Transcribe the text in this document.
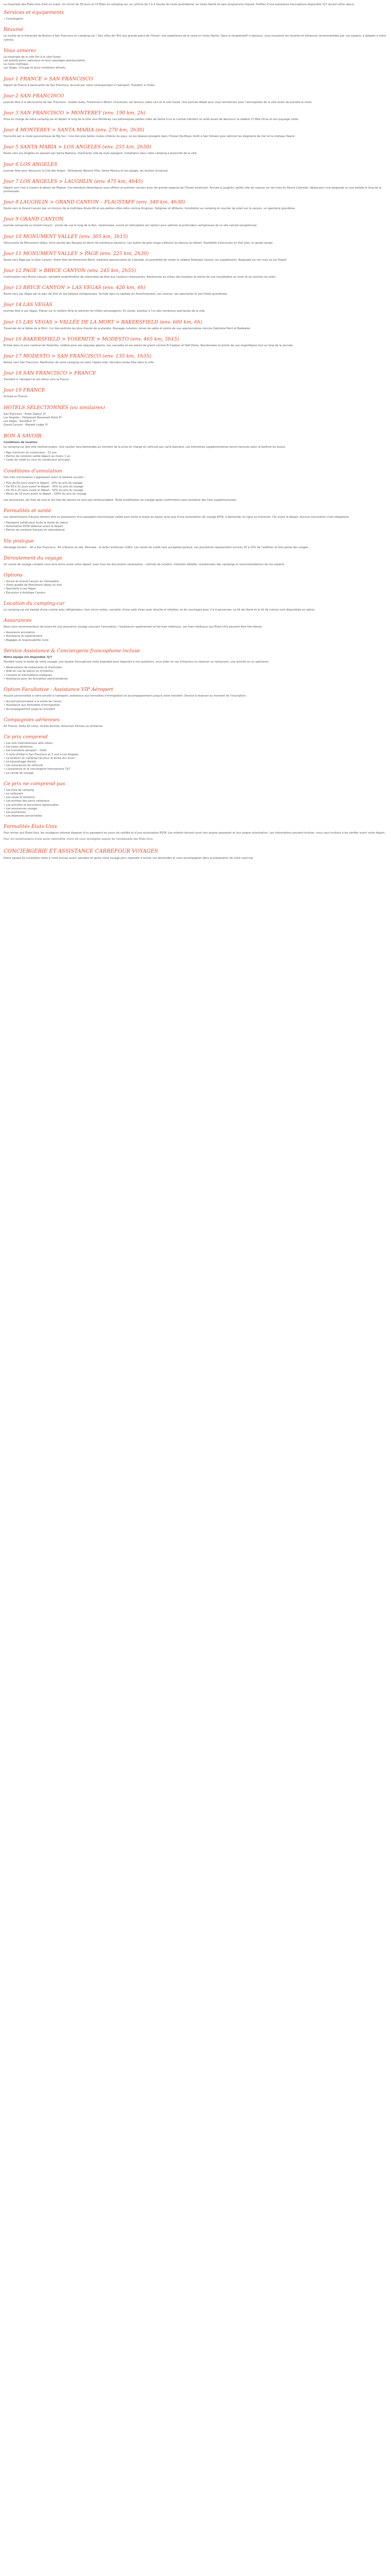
La traversée des États-Unis d'est en ouest. Un circuit de 30 jours et 10 États en camping-car, au rythme de 1 à 4 heures de route quotidienne, en toute liberté et sans programme imposé. Profitez d'une assistance francophone disponible 7j/7 durant votre séjour.

Services et équipements
• Conciergerie
Résumé

Le mythe de la traversée de Boston à San Francisco en camping-car ! Des villes de l'Est aux grands parcs de l'Ouest, une expérience de la route en toute liberté. Dans le récapitulatif ci-dessous, vous trouverez les horaires et distances recommandées par nos experts, à adapter à votre rythme.

Vous aimerez
La traversée de la côte Est à la côte Ouest
Les grands parcs nationaux et leurs paysages spectaculaires
La route mythique
Las Vegas, Chicago et leurs nombreux attraits
Jour 1 FRANCE > SAN FRANCISCO

Départ de France à destination de San Francisco. Accueil par notre correspondant à l'aéroport. Transfert à l'hôtel.

Jour 2 SAN FRANCISCO

Journée libre à la découverte de San Francisco : Golden Gate, Fisherman's Wharf, Chinatown, les fameux cable cars et la ville haute. Une journée idéale pour vous familiariser avec l'atmosphère de la ville avant de prendre la route.

Jour 3 SAN FRANCISCO > MONTEREY (env. 190 km, 2h)

Prise en charge de votre camping-car et départ le long de la côte vers Monterey. Les pittoresques petites villes de Santa Cruz et Carmel méritent un arrêt avant de découvrir la célèbre 17-Mile Drive et son paysage côtier.

Jour 4 MONTEREY > SANTA MARIA (env. 270 km, 3h30)

Poursuite par la route panoramique de Big Sur, l'une des plus belles routes côtières du pays, où les falaises plongent dans l'Océan Pacifique. Arrêt à San Simeon pour admirer les éléphants de mer et le château Hearst.

Jour 5 SANTA MARIA > LOS ANGELES (env. 255 km, 2h50)

Route vers Los Angeles en passant par Santa Barbara, charmante ville de style espagnol. Installation dans votre camping à proximité de la ville.

Jour 6 LOS ANGELES

Journée libre pour découvrir la Cité des Anges : Hollywood, Beverly Hills, Santa Monica et ses plages, les studios Universal.

Jour 7 LOS ANGELES > LAUGHLIN (env. 475 km, 4h45)

Départ vers l'est à travers le désert de Mojave. Ces étendues désertiques vous offrent un premier contact avec les grands espaces de l'Ouest américain. Arrivée à Laughlin, petite ville de casinos sur les rives du fleuve Colorado, idéale pour une baignade ou une balade le long de la promenade.

Jour 8 LAUGHLIN > GRAND CANYON – FLAGSTAFF (env. 340 km, 4h30)

Route vers le Grand Canyon par un tronçon de la mythique Route 66 et ses petites villes rétro comme Kingman, Seligman et Williams. Installation au camping et coucher de soleil sur le canyon, un spectacle grandiose.

Jour 9 GRAND CANYON

Journée consacrée au Grand Canyon : points de vue le long de la Rim, randonnées, survol en hélicoptère (en option) pour admirer la profondeur vertigineuse de ce site naturel exceptionnel.

Jour 10 MONUMENT VALLEY (env. 305 km, 3h15)

Découverte de Monument Valley, terre sacrée des Navajos et décor de nombreux westerns. Les buttes de grès rouge s'élèvent au-dessus du désert. Possibilité d'excursion en 4x4 avec un guide navajo.

Jour 11 MONUMENT VALLEY > PAGE (env. 225 km, 2h30)

Route vers Page par le Glen Canyon. Visite libre de Horseshoe Bend, méandre spectaculaire du Colorado, et possibilité de visiter le célèbre Antelope Canyon (en supplément). Baignade sur les rives du lac Powell.

Jour 12 PAGE > BRYCE CANYON (env. 245 km, 2h55)

Continuation vers Bryce Canyon, véritable amphithéâtre de cheminées de fées aux couleurs chatoyantes. Randonnée au milieu des hoodoos et points de vue inoubliables au lever et au coucher du soleil.

Jour 13 BRYCE CANYON > LAS VEGAS (env. 420 km, 4h)

Route vers Las Vegas par le parc de Zion et ses falaises vertigineuses. Arrivée dans la capitale du divertissement, ses casinos, ses spectacles et ses hôtels grandioses.

Jour 14 LAS VEGAS

Journée libre à Las Vegas. Flânez sur le célèbre Strip et admirez les hôtels extravagants. En soirée, assistez à l'un des nombreux spectacles de la ville.

Jour 15 LAS VEGAS > VALLÉE DE LA MORT > BAKERSFIELD (env. 600 km, 6h)

Traversée de la Vallée de la Mort, l'un des endroits les plus chauds de la planète. Paysages lunaires, dunes de sable et points de vue spectaculaires comme Zabriskie Point et Badwater.

Jour 16 BAKERSFIELD > YOSEMITE > MODESTO (env. 465 km, 5h15)

Entrée dans le parc national de Yosemite, célèbre pour ses séquoias géants, ses cascades et ses parois de granit comme El Capitan et Half Dome. Randonnées et points de vue magnifiques tout au long de la journée.

Jour 17 MODESTO > SAN FRANCISCO (env. 135 km, 1h35)

Retour vers San Francisco. Restitution de votre camping-car dans l'après-midi. Dernière soirée libre dans la ville.

Jour 18 SAN FRANCISCO > FRANCE

Transfert à l'aéroport et vol retour vers la France.

Jour 19 FRANCE

Arrivée en France.

HOTELS SÉLECTIONNÉS (ou similaires)
San Francisco : Hotel Zephyr 3*
Los Angeles : Hollywood Roosevelt Hotel 4*
Las Vegas : Excalibur 3*
Grand Canyon : Maswik Lodge 3*
BON À SAVOIR

Conditions de location

Le camping-car doit être restitué propre. Une caution sera demandée au moment de la prise en charge du véhicule par carte bancaire. Les kilomètres supplémentaires seront facturés selon le barème du loueur.

• Âge minimum du conducteur : 21 ans
• Permis de conduire valide depuis au moins 1 an
• Carte de crédit au nom du conducteur principal
Conditions d'annulation

Des frais d'annulation s'appliquent selon le barème suivant :

• Plus de 60 jours avant le départ : 10% du prix du voyage
• De 59 à 31 jours avant le départ : 30% du prix du voyage
• De 30 à 15 jours avant le départ : 50% du prix du voyage
• Moins de 14 jours avant le départ : 100% du prix du voyage

Les assurances, les frais de visa et les frais de service ne sont pas remboursables. Toute modification du voyage après confirmation peut entraîner des frais supplémentaires.

Formalités et santé

Les ressortissants français doivent être en possession d'un passeport électronique valide pour toute la durée du séjour ainsi que d'une autorisation de voyage ESTA, à demander en ligne au minimum 72h avant le départ. Aucune vaccination n'est obligatoire.

• Passeport valide pour toute la durée du séjour
• Autorisation ESTA obtenue avant le départ
• Permis de conduire français et international
Vie pratique

Décalage horaire : -9h à San Francisco, -6h à Boston en été. Monnaie : le dollar américain (USD). Les cartes de crédit sont acceptées partout. Les pourboires représentent environ 15 à 20% de l'addition et font partie des usages.

Déroulement du voyage

Un carnet de voyage complet vous sera remis avant votre départ, avec tous les documents nécessaires : contrats de location, itinéraire détaillé, coordonnées des campings et recommandations de nos experts.

Options
• Survol du Grand Canyon en hélicoptère
• Visite guidée de Monument Valley en 4x4
• Spectacle à Las Vegas
• Excursion à Antelope Canyon
Location du camping-car

Le camping-car est équipé d'une cuisine avec réfrigérateur, four micro-ondes, vaisselle, d'une salle d'eau avec douche et toilettes, et de couchages pour 2 à 4 personnes. Le kit de literie et le kit de cuisine sont disponibles en option.

Assurances

Nous vous recommandons de souscrire une assurance voyage couvrant l'annulation, l'assistance rapatriement et les frais médicaux. Les frais médicaux aux États-Unis peuvent être très élevés.

• Assurance annulation
• Assistance et rapatriement
• Bagages et responsabilité civile
Service Assistance & Conciergerie francophone incluse

Notre équipe est disponible 7j/7

Pendant toute la durée de votre voyage, une équipe francophone reste joignable pour répondre à vos questions, vous aider en cas d'imprévu ou réserver un restaurant, une activité ou un spectacle.

• Réservations de restaurants et d'activités
• Aide en cas de panne ou d'imprévu
• Conseils et informations pratiques
• Assistance pour les formalités administratives
Option Facultative : Assistance VIP Aéroport

Accueil personnalisé à votre arrivée à l'aéroport, assistance aux formalités d'immigration et accompagnement jusqu'à votre transfert. Service à réserver au moment de l'inscription.

• Accueil personnalisé à la sortie de l'avion
• Assistance aux formalités d'immigration
• Accompagnement jusqu'au transfert
Compagnies aériennes

Air France, Delta Air Lines, United Airlines, American Airlines ou similaires.

Ce prix comprend
• Les vols internationaux aller-retour
• Les taxes aériennes
• Les transferts aéroport – hôtel
• 3 nuits d'hôtel à San Francisco et 1 nuit à Los Angeles
• La location du camping-car pour la durée du circuit
• Le kilométrage illimité
• Les assurances du véhicule
• L'assistance et la conciergerie francophone 7j/7
• Le carnet de voyage
Ce prix ne comprend pas
• Les frais de camping
• Le carburant
• Les repas et boissons
• Les entrées des parcs nationaux
• Les activités et excursions optionnelles
• Les assurances voyage
• Les pourboires
• Les dépenses personnelles
Formalités États-Unis

Pour entrer aux États-Unis, les voyageurs doivent disposer d'un passeport en cours de validité et d'une autorisation ESTA. Les enfants doivent avoir leur propre passeport et leur propre autorisation. Les informations peuvent évoluer, nous vous invitons à les vérifier avant votre départ.

Pour les ressortissants d'une autre nationalité, merci de vous renseigner auprès de l'ambassade des États-Unis.

CONCIERGERIE ET ASSISTANCE CARREFOUR VOYAGES

Notre équipe de conseillers reste à votre écoute avant, pendant et après votre voyage pour répondre à toutes vos demandes et vous accompagner dans la préparation de votre road trip.
